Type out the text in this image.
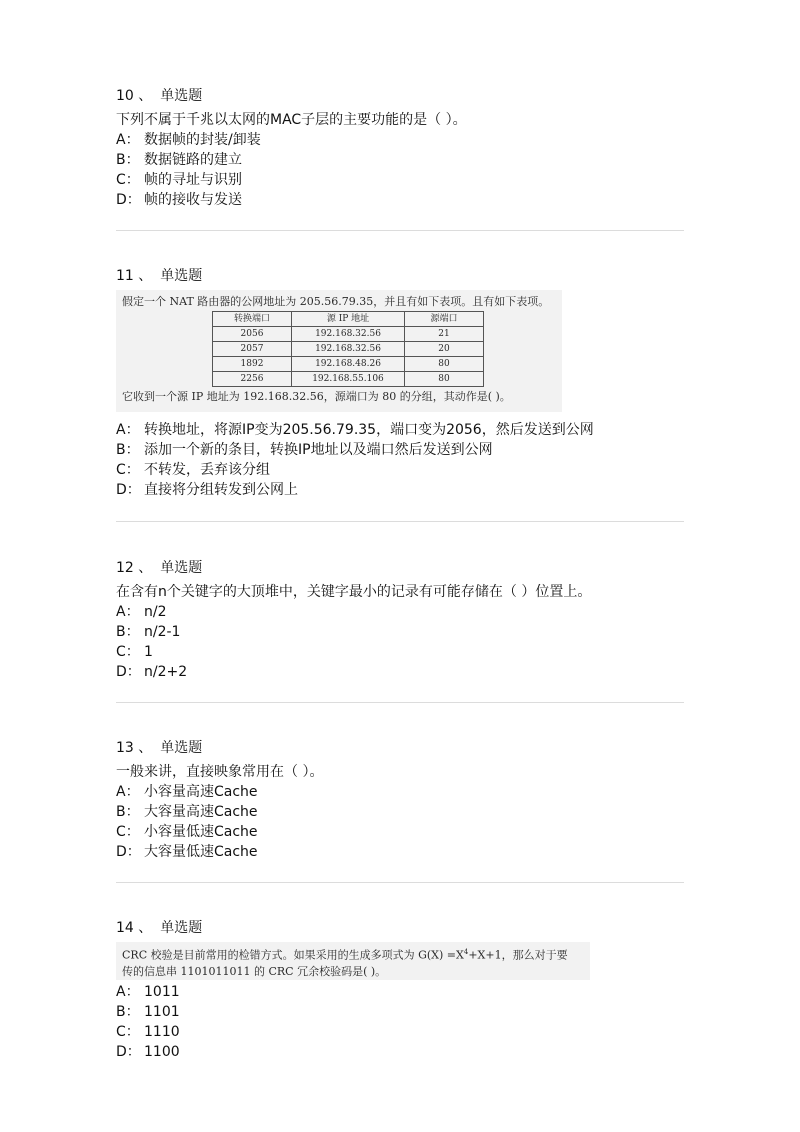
10 、 单选题
下列不属于千兆以太网的MAC子层的主要功能的是（ ）。
A： 数据帧的封装/卸装
B： 数据链路的建立
C： 帧的寻址与识别
D： 帧的接收与发送
11 、 单选题
假定一个 NAT 路由器的公网地址为 205.56.79.35，并且有如下表项。且有如下表项。
转换端口	源 IP 地址	源端口
2056	192.168.32.56	21
2057	192.168.32.56	20
1892	192.168.48.26	80
2256	192.168.55.106	80
它收到一个源 IP 地址为 192.168.32.56，源端口为 80 的分组，其动作是( )。
A： 转换地址，将源IP变为205.56.79.35，端口变为2056，然后发送到公网
B： 添加一个新的条目，转换IP地址以及端口然后发送到公网
C： 不转发，丢弃该分组
D： 直接将分组转发到公网上
12 、 单选题
在含有n个关键字的大顶堆中，关键字最小的记录有可能存储在（ ）位置上。
A： n/2
B： n/2-1
C： 1
D： n/2+2
13 、 单选题
一般来讲，直接映象常用在（ ）。
A： 小容量高速Cache
B： 大容量高速Cache
C： 小容量低速Cache
D： 大容量低速Cache
14 、 单选题
CRC 校验是目前常用的检错方式。如果采用的生成多项式为 $G(X) =X^4+X+1$，那么对于要
传的信息串 1101011011 的 CRC 冗余校验码是( )。
A： 1011
B： 1101
C： 1110
D： 1100
